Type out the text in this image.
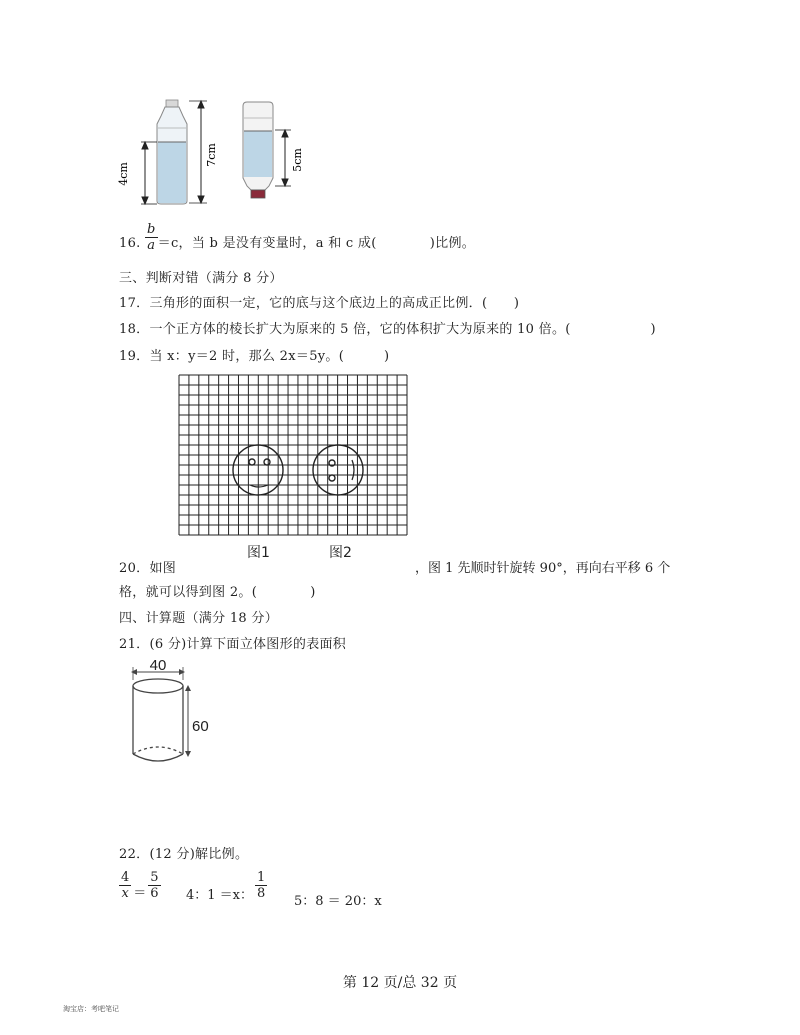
4cm
7cm	5cm
16. $\frac{b}{a} =c$，当 b 是没有变量时，a 和 c 成(　　　　)比例。
三、判断对错（满分 8 分）
17．三角形的面积一定，它的底与这个底边上的高成正比例．(　　)
18．一个正方体的棱长扩大为原来的 5 倍，它的体积扩大为原来的 10 倍。(　　　　　　)
19．当 x：y＝2 时，那么 2x＝5y。(　　　)
图1	图2
20．如图	，图 1 先顺时针旋转 90°，再向右平移 6 个
格，就可以得到图 2。(　　　　)
四、计算题（满分 18 分）
21．(6 分)计算下面立体图形的表面积
40
60
22．(12 分)解比例。
$\frac{4}{x} = \frac{5}{6} 4$：1 ＝x： $\frac{1}{8}$
5：8 ＝ 20：x
第 12 页/总 32 页
淘宝店：考吧笔记
